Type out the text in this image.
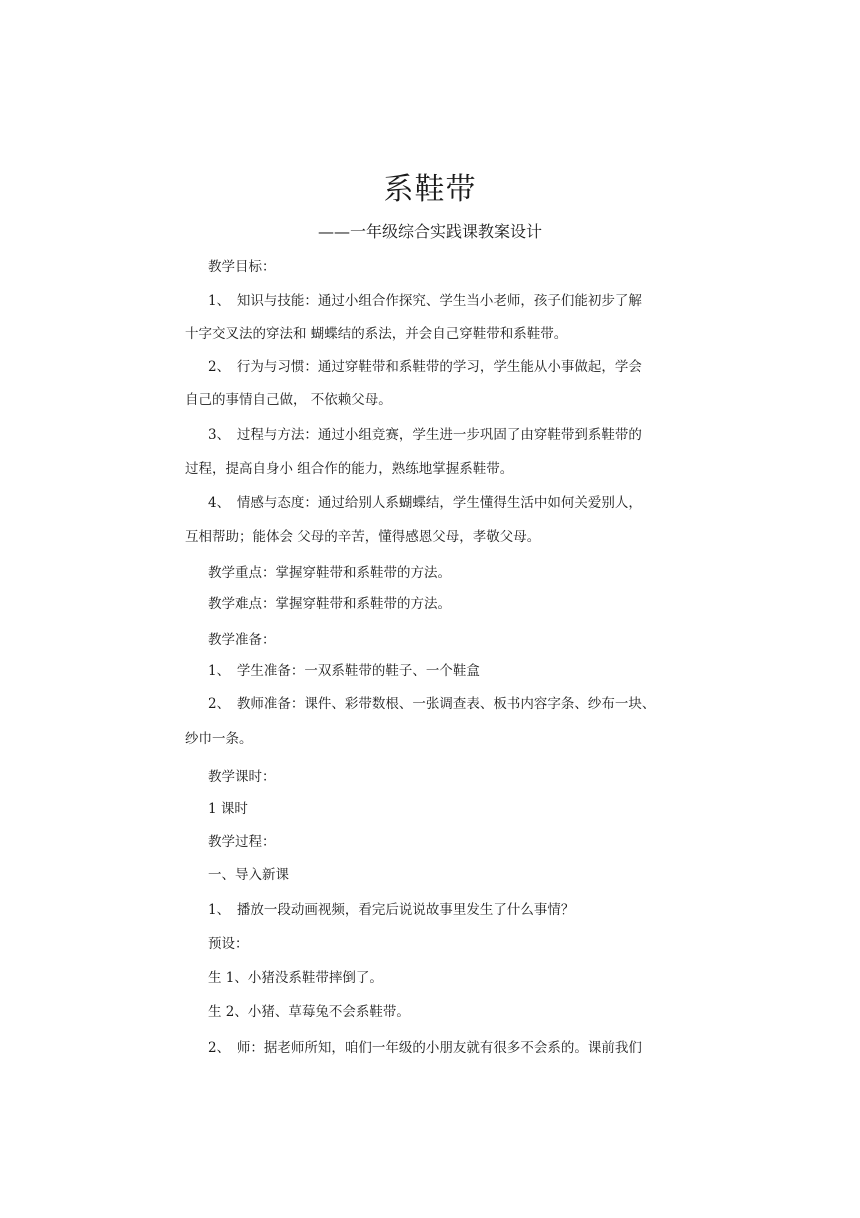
系鞋带
——一年级综合实践课教案设计
教学目标：
1、　知识与技能：通过小组合作探究、学生当小老师，孩子们能初步了解
十字交叉法的穿法和 蝴蝶结的系法，并会自己穿鞋带和系鞋带。
2、　行为与习惯：通过穿鞋带和系鞋带的学习，学生能从小事做起，学会
自己的事情自己做， 不依赖父母。
3、　过程与方法：通过小组竞赛，学生进一步巩固了由穿鞋带到系鞋带的
过程，提高自身小 组合作的能力，熟练地掌握系鞋带。
4、　情感与态度：通过给别人系蝴蝶结，学生懂得生活中如何关爱别人，
互相帮助；能体会 父母的辛苦，懂得感恩父母，孝敬父母。
教学重点：掌握穿鞋带和系鞋带的方法。
教学难点：掌握穿鞋带和系鞋带的方法。
教学准备：
1、　学生准备：一双系鞋带的鞋子、一个鞋盒
2、　教师准备：课件、彩带数根、一张调查表、板书内容字条、纱布一块、
纱巾一条。
教学课时：
1 课时
教学过程：
一、导入新课
1、　播放一段动画视频，看完后说说故事里发生了什么事情？
预设：
生 1、小猪没系鞋带摔倒了。
生 2、小猪、草莓兔不会系鞋带。
2、　师：据老师所知，咱们一年级的小朋友就有很多不会系的。课前我们
